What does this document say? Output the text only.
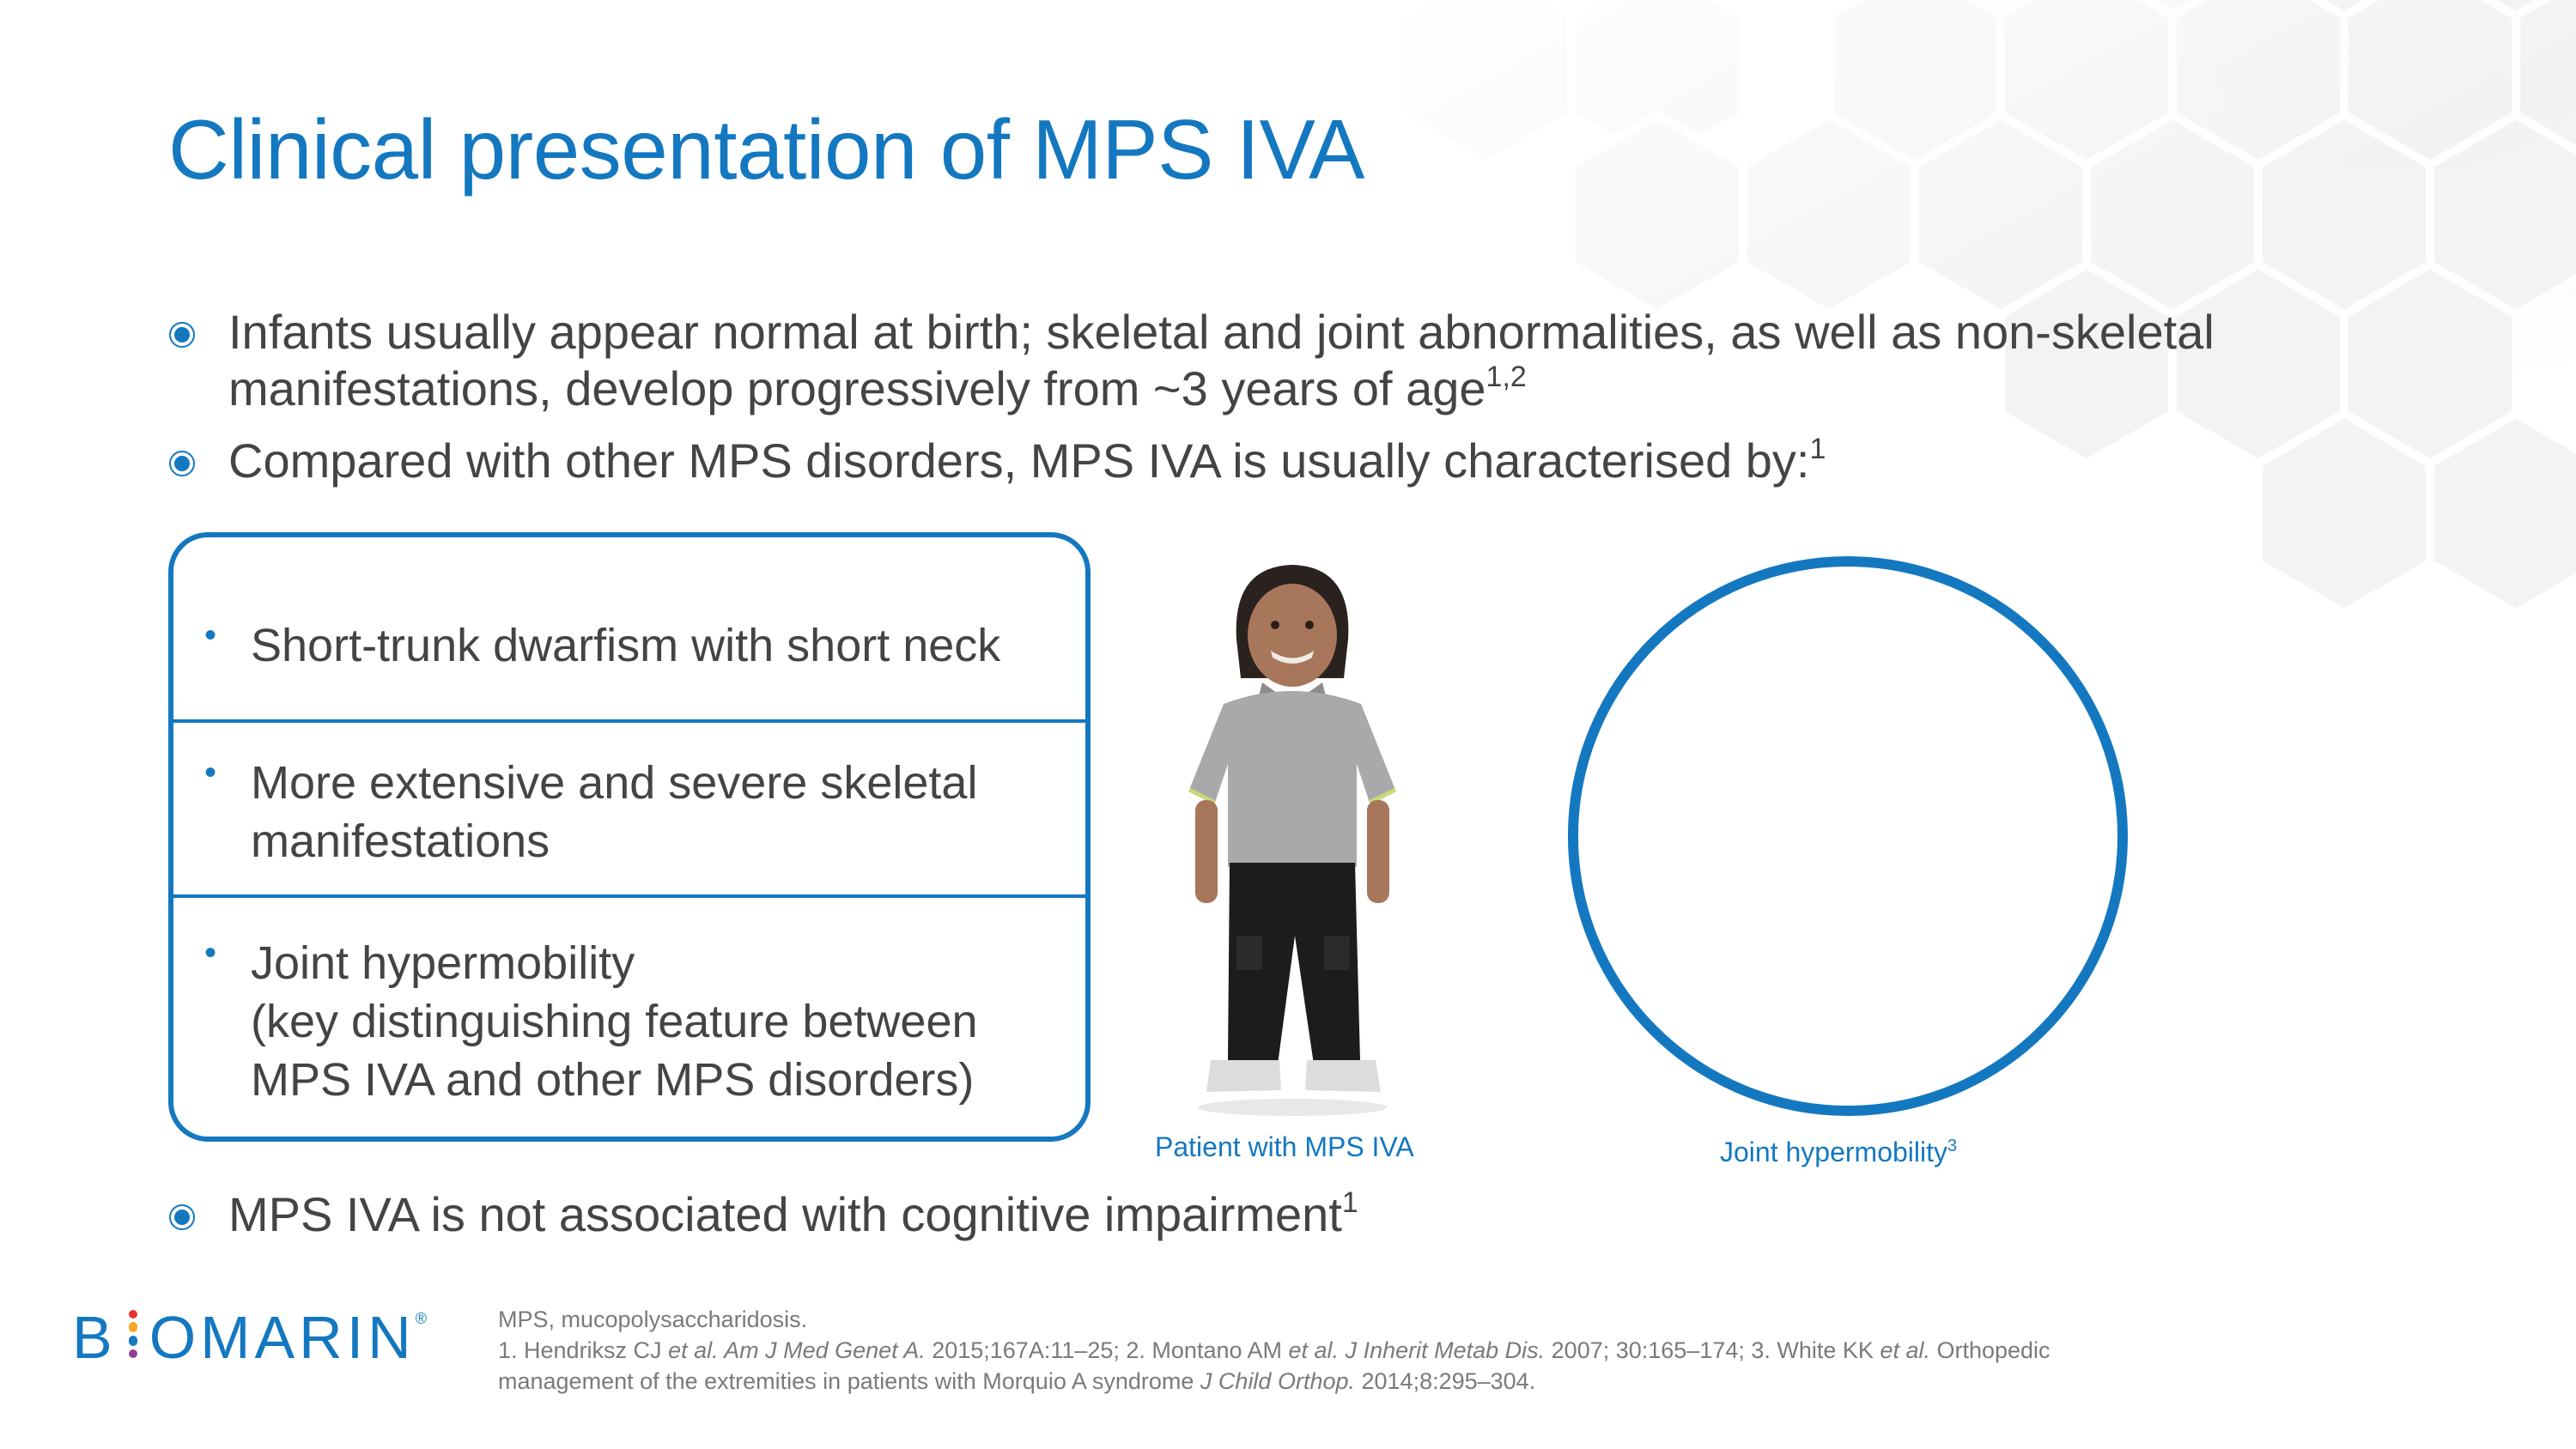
Clinical presentation of MPS IVA
Infants usually appear normal at birth; skeletal and joint abnormalities, as well as non-skeletal manifestations, develop progressively from ~3 years of age$^{1,2}$
Compared with other MPS disorders, MPS IVA is usually characterised by:$^1$
• Short-trunk dwarfism with short neck
• More extensive and severe skeletal manifestations
• Joint hypermobility
(key distinguishing feature between MPS IVA and other MPS disorders)
Patient with MPS IVA	Joint hypermobility$^3$
MPS IVA is not associated with cognitive impairment$^1$
B OMARIN®	MPS, mucopolysaccharidosis.
1. Hendriksz CJ et al. Am J Med Genet A. 2015;167A:11–25; 2. Montano AM et al. J Inherit Metab Dis. 2007; 30:165–174; 3. White KK et al. Orthopedic
management of the extremities in patients with Morquio A syndrome J Child Orthop. 2014;8:295–304.
